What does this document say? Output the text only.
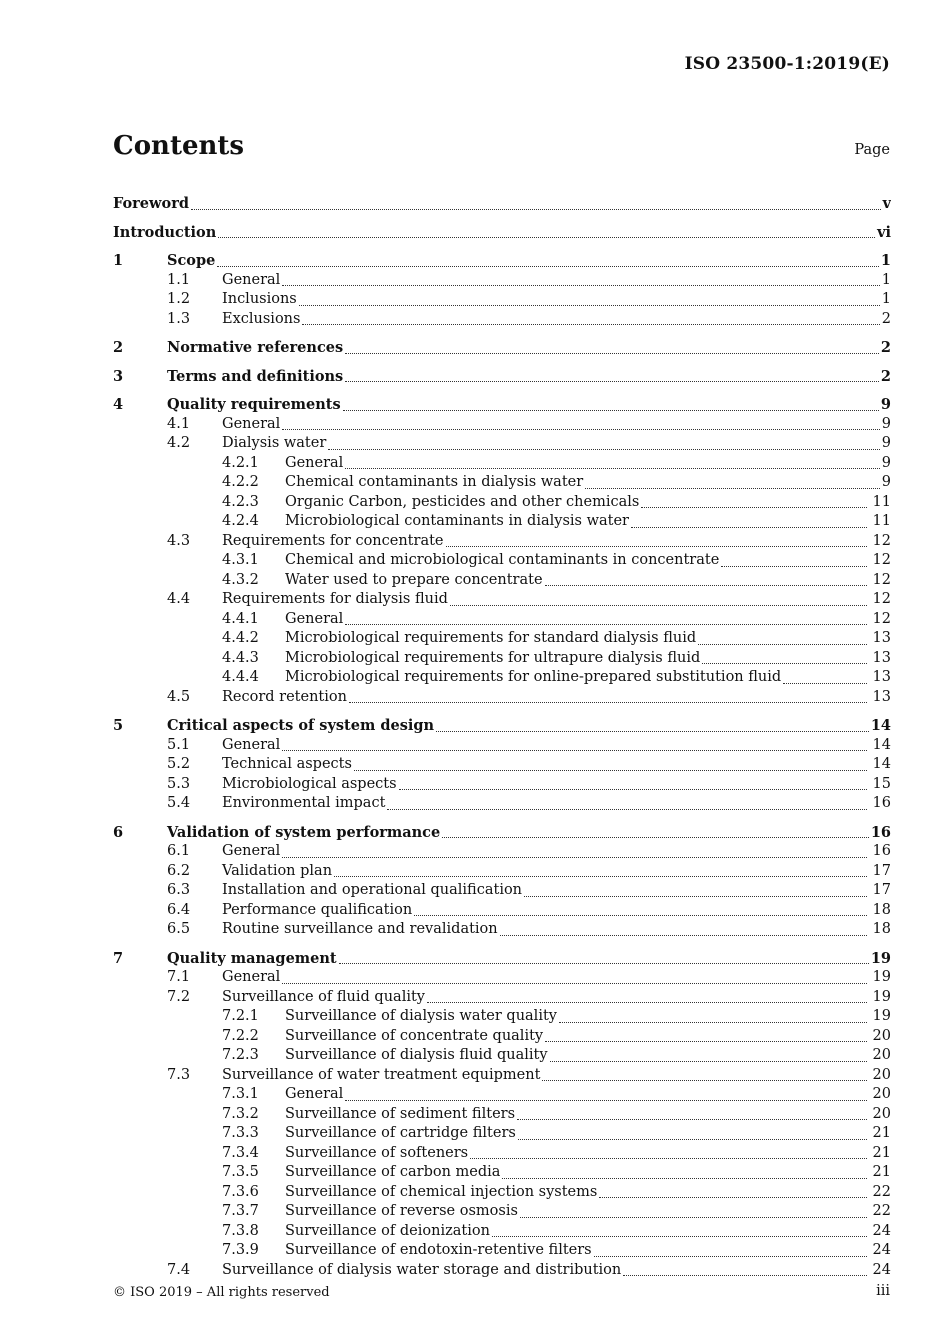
ISO 23500-1:2019(E)
Contents	Page
Foreword	v
Introduction	vi
1	Scope	1
1.1	General	1
1.2	Inclusions	1
1.3	Exclusions	2
2	Normative references	2
3	Terms and definitions	2
4	Quality requirements	9
4.1	General	9
4.2	Dialysis water	9
4.2.1	General	9
4.2.2	Chemical contaminants in dialysis water	9
4.2.3	Organic Carbon, pesticides and other chemicals	11
4.2.4	Microbiological contaminants in dialysis water	11
4.3	Requirements for concentrate	12
4.3.1	Chemical and microbiological contaminants in concentrate	12
4.3.2	Water used to prepare concentrate	12
4.4	Requirements for dialysis fluid	12
4.4.1	General	12
4.4.2	Microbiological requirements for standard dialysis fluid	13
4.4.3	Microbiological requirements for ultrapure dialysis fluid	13
4.4.4	Microbiological requirements for online-prepared substitution fluid	13
4.5	Record retention	13
5	Critical aspects of system design	14
5.1	General	14
5.2	Technical aspects	14
5.3	Microbiological aspects	15
5.4	Environmental impact	16
6	Validation of system performance	16
6.1	General	16
6.2	Validation plan	17
6.3	Installation and operational qualification	17
6.4	Performance qualification	18
6.5	Routine surveillance and revalidation	18
7	Quality management	19
7.1	General	19
7.2	Surveillance of fluid quality	19
7.2.1	Surveillance of dialysis water quality	19
7.2.2	Surveillance of concentrate quality	20
7.2.3	Surveillance of dialysis fluid quality	20
7.3	Surveillance of water treatment equipment	20
7.3.1	General	20
7.3.2	Surveillance of sediment filters	20
7.3.3	Surveillance of cartridge filters	21
7.3.4	Surveillance of softeners	21
7.3.5	Surveillance of carbon media	21
7.3.6	Surveillance of chemical injection systems	22
7.3.7	Surveillance of reverse osmosis	22
7.3.8	Surveillance of deionization	24
7.3.9	Surveillance of endotoxin-retentive filters	24
7.4	Surveillance of dialysis water storage and distribution	24
© ISO 2019 – All rights reserved	iii
